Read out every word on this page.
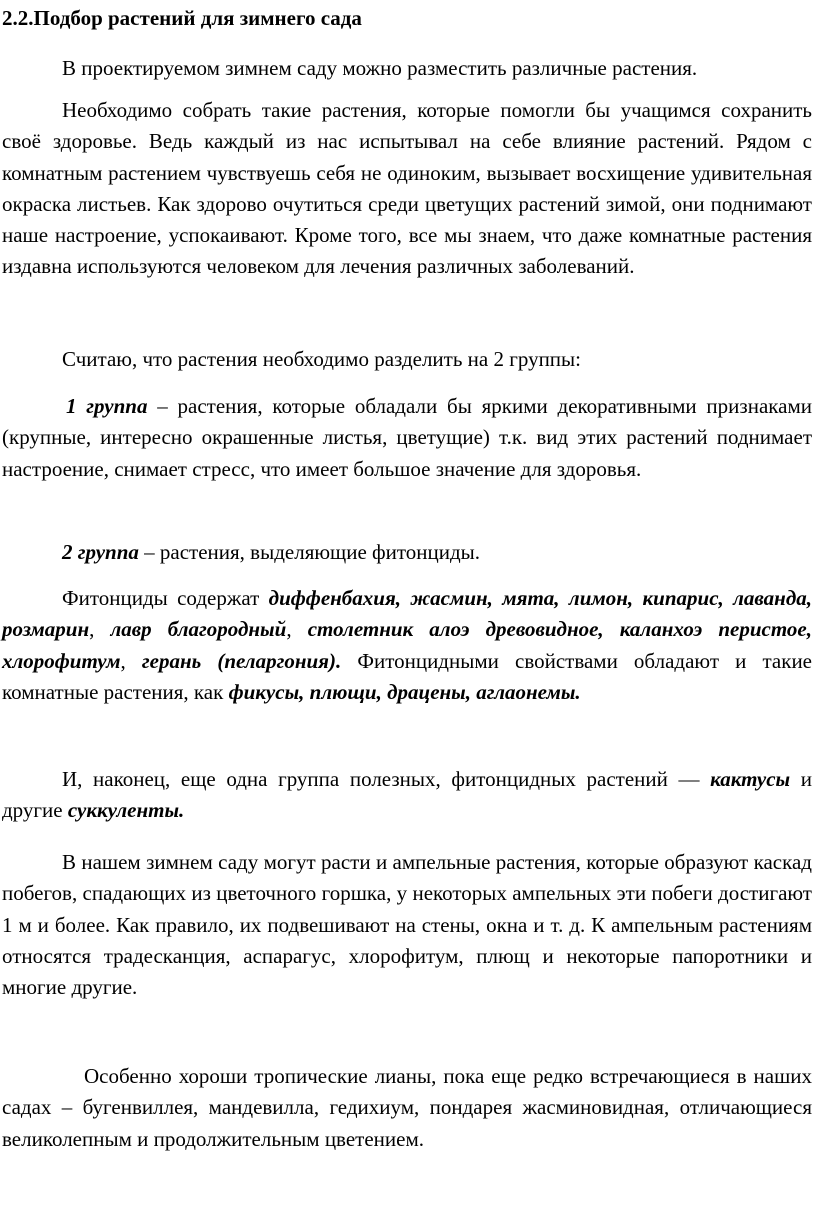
2.2.Подбор растений для зимнего сада

В проектируемом зимнем саду можно разместить различные растения.

Необходимо собрать такие растения, которые помогли бы учащимся сохранить своё здоровье. Ведь каждый из нас испытывал на себе влияние растений. Рядом с комнатным растением чувствуешь себя не одиноким, вызывает восхищение удивительная окраска листьев. Как здорово очутиться среди цветущих растений зимой, они поднимают наше настроение, успокаивают. Кроме того, все мы знаем, что даже комнатные растения издавна используются человеком для лечения различных заболеваний.

Считаю, что растения необходимо разделить на 2 группы:

1 группа – растения, которые обладали бы яркими декоративными признаками (крупные, интересно окрашенные листья, цветущие) т.к. вид этих растений поднимает настроение, снимает стресс, что имеет большое значение для здоровья.

2 группа – растения, выделяющие фитонциды.

Фитонциды содержат диффенбахия, жасмин, мята, лимон, кипарис, лаванда, розмарин, лавр благородный, столетник алоэ древовидное, каланхоэ перистое, хлорофитум, герань (пеларгония). Фитонцидными свойствами обладают и такие комнатные растения, как фикусы, плющи, драцены, аглаонемы.

И, наконец, еще одна группа полезных, фитонцидных растений — кактусы и другие суккуленты.

В нашем зимнем саду могут расти и ампельные растения, которые образуют каскад побегов, спадающих из цветочного горшка, у некоторых ампельных эти побеги достигают 1 м и более. Как правило, их подвешивают на стены, окна и т. д. К ампельным растениям относятся традесканция, аспарагус, хлорофитум, плющ и некоторые папоротники и многие другие.

Особенно хороши тропические лианы, пока еще редко встречающиеся в наших садах – бугенвиллея, мандевилла, гедихиум, пондарея жасминовидная, отличающиеся великолепным и продолжительным цветением.
